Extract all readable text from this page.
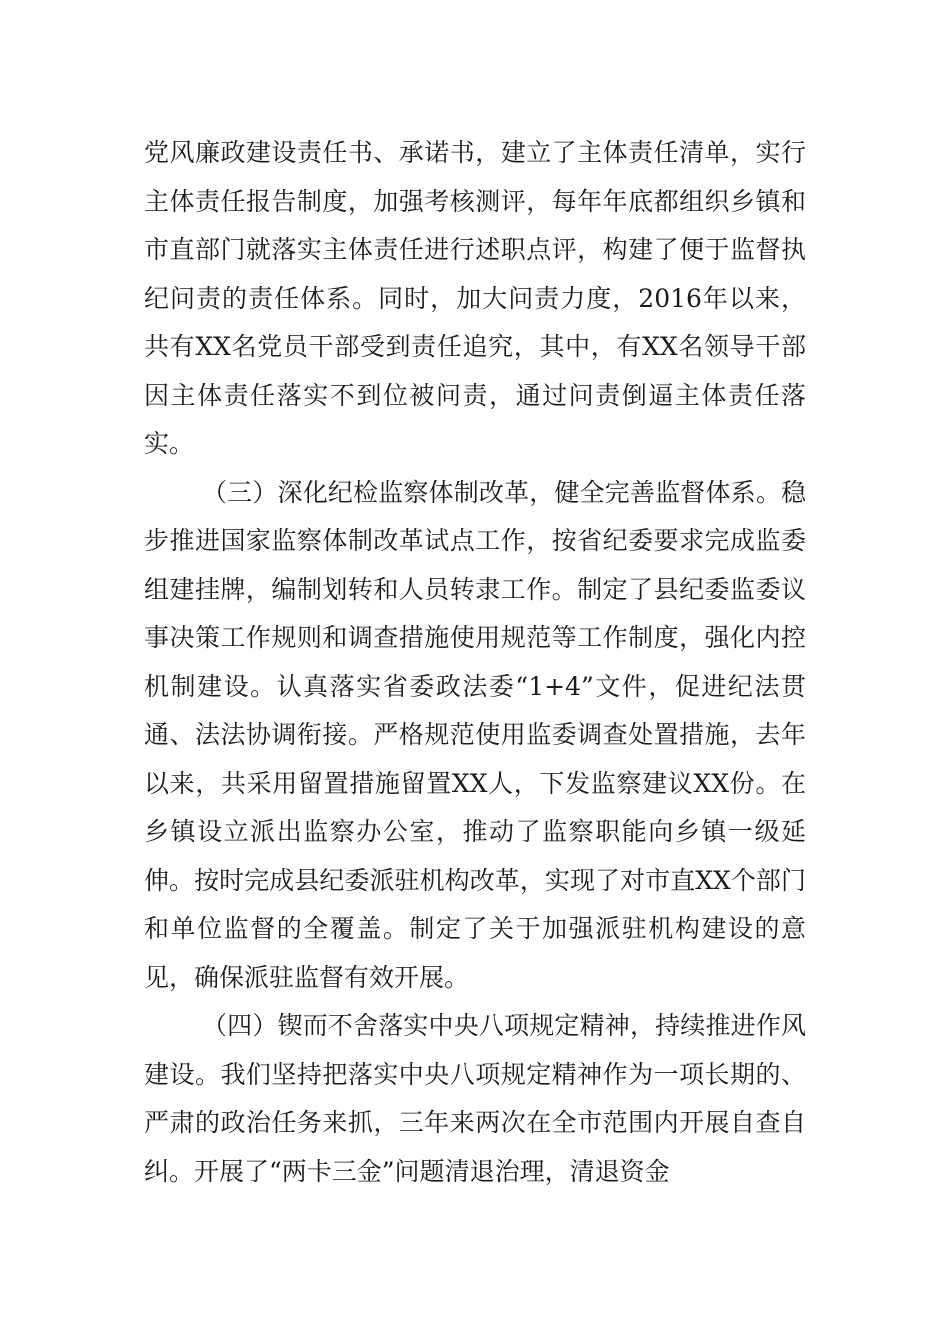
党风廉政建设责任书、承诺书，建立了主体责任清单，实行主体责任报告制度，加强考核测评，每年年底都组织乡镇和市直部门就落实主体责任进行述职点评，构建了便于监督执纪问责的责任体系。同时，加大问责力度，2016年以来，共有XX名党员干部受到责任追究，其中，有XX名领导干部因主体责任落实不到位被问责，通过问责倒逼主体责任落实。

（三）深化纪检监察体制改革，健全完善监督体系。稳步推进国家监察体制改革试点工作，按省纪委要求完成监委组建挂牌，编制划转和人员转隶工作。制定了县纪委监委议事决策工作规则和调查措施使用规范等工作制度，强化内控机制建设。认真落实省委政法委“1+4”文件，促进纪法贯通、法法协调衔接。严格规范使用监委调查处置措施，去年以来，共采用留置措施留置XX人，下发监察建议XX份。在乡镇设立派出监察办公室，推动了监察职能向乡镇一级延伸。按时完成县纪委派驻机构改革，实现了对市直XX个部门和单位监督的全覆盖。制定了关于加强派驻机构建设的意见，确保派驻监督有效开展。

（四）锲而不舍落实中央八项规定精神，持续推进作风建设。我们坚持把落实中央八项规定精神作为一项长期的、严肃的政治任务来抓，三年来两次在全市范围内开展自查自纠。开展了“两卡三金”问题清退治理，清退资金
